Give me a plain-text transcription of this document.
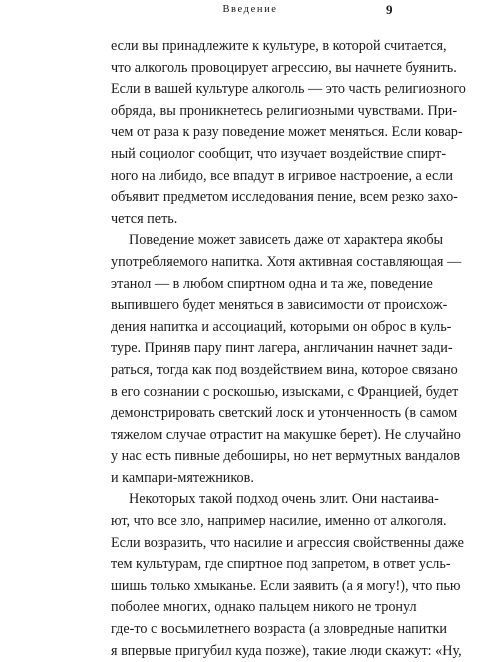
Введение	9
если вы принадлежите к культуре, в которой считается,
что алкоголь провоцирует агрессию, вы начнете буянить.
Если в вашей культуре алкоголь — это часть религиозного
обряда, вы проникнетесь религиозными чувствами. При-
чем от раза к разу поведение может меняться. Если ковар-
ный социолог сообщит, что изучает воздействие спирт-
ного на либидо, все впадут в игривое настроение, а если
объявит предметом исследования пение, всем резко захо-
чется петь.
Поведение может зависеть даже от характера якобы
употребляемого напитка. Хотя активная составляющая —
этанол — в любом спиртном одна и та же, поведение
выпившего будет меняться в зависимости от происхож-
дения напитка и ассоциаций, которыми он оброс в куль-
туре. Приняв пару пинт лагера, англичанин начнет зади-
раться, тогда как под воздействием вина, которое связано
в его сознании с роскошью, изысками, с Францией, будет
демонстрировать светский лоск и утонченность (в самом
тяжелом случае отрастит на макушке берет). Не случайно
у нас есть пивные дебоширы, но нет вермутных вандалов
и кампари-мятежников.
Некоторых такой подход очень злит. Они настаива-
ют, что все зло, например насилие, именно от алкоголя.
Если возразить, что насилие и агрессия свойственны даже
тем культурам, где спиртное под запретом, в ответ усль-
шишь только хмыканье. Если заявить (а я могу!), что пью
поболее многих, однако пальцем никого не тронул
где-то с восьмилетнего возраста (а зловредные напитки
я впервые пригубил куда позже), такие люди скажут: «Ну,
